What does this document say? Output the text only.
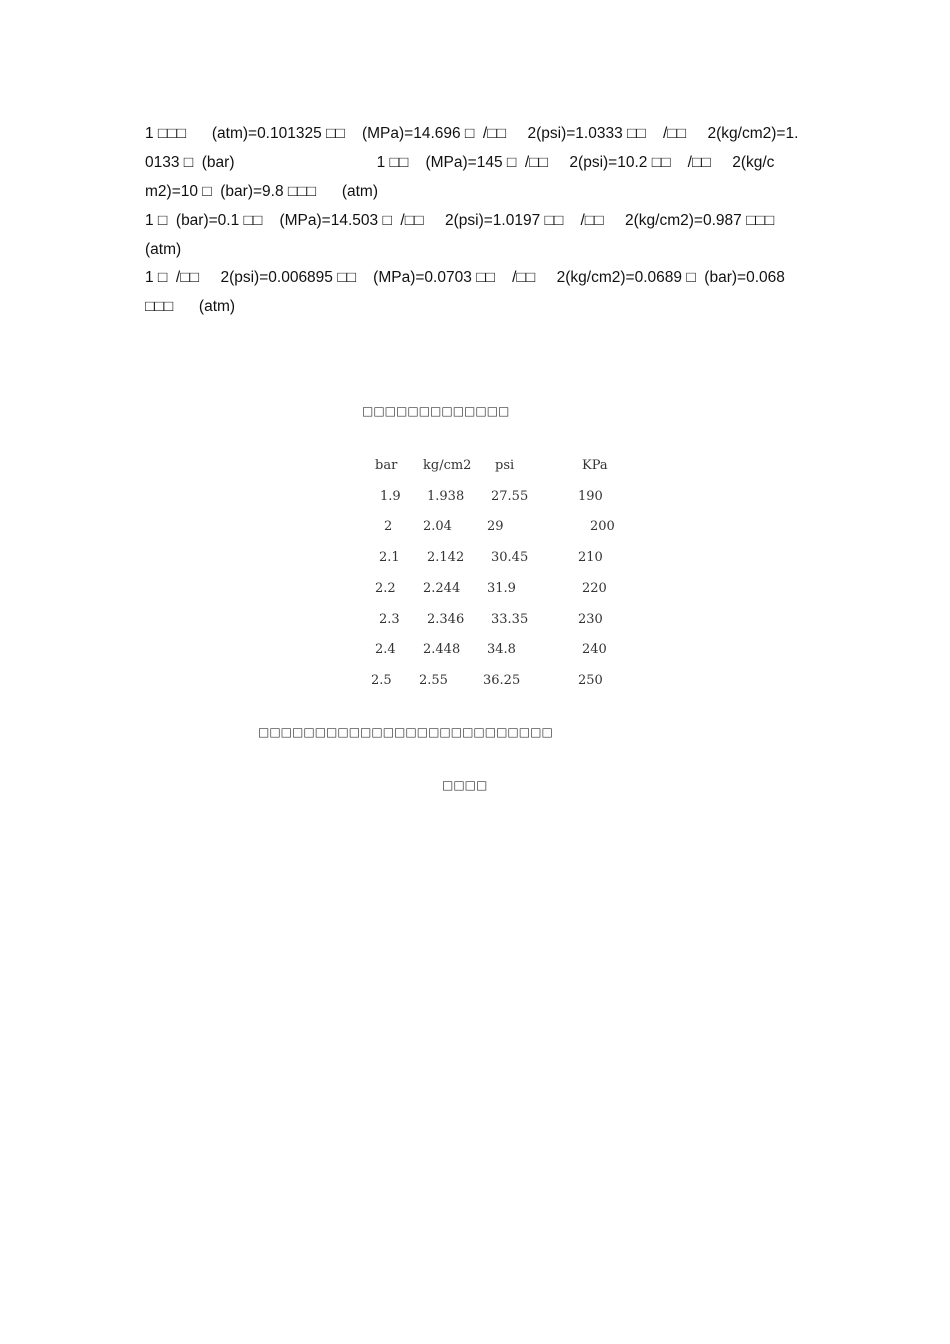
1 □□□      (atm)=0.101325 □□    (MPa)=14.696 □  /□□     2(psi)=1.0333 □□    /□□     2(kg/cm2)=1.
0133 □  (bar)                                 1 □□    (MPa)=145 □  /□□     2(psi)=10.2 □□    /□□     2(kg/c
m2)=10 □  (bar)=9.8 □□□      (atm)
1 □  (bar)=0.1 □□    (MPa)=14.503 □  /□□     2(psi)=1.0197 □□    /□□     2(kg/cm2)=0.987 □□□
(atm)
1 □  /□□     2(psi)=0.006895 □□    (MPa)=0.0703 □□    /□□     2(kg/cm2)=0.0689 □  (bar)=0.068
□□□      (atm)
□□□□□□□□□□□□□
bar kg/cm2 psi	KPa
1.9 1.938 27.55	190
2 2.04	29	200
2.1 2.142 30.45	210
2.2 2.244 31.9	220
2.3 2.346 33.35	230
2.4 2.448 34.8	240
2.5 2.55	36.25	250
□□□□□□□□□□□□□□□□□□□□□□□□□□
□□□□
